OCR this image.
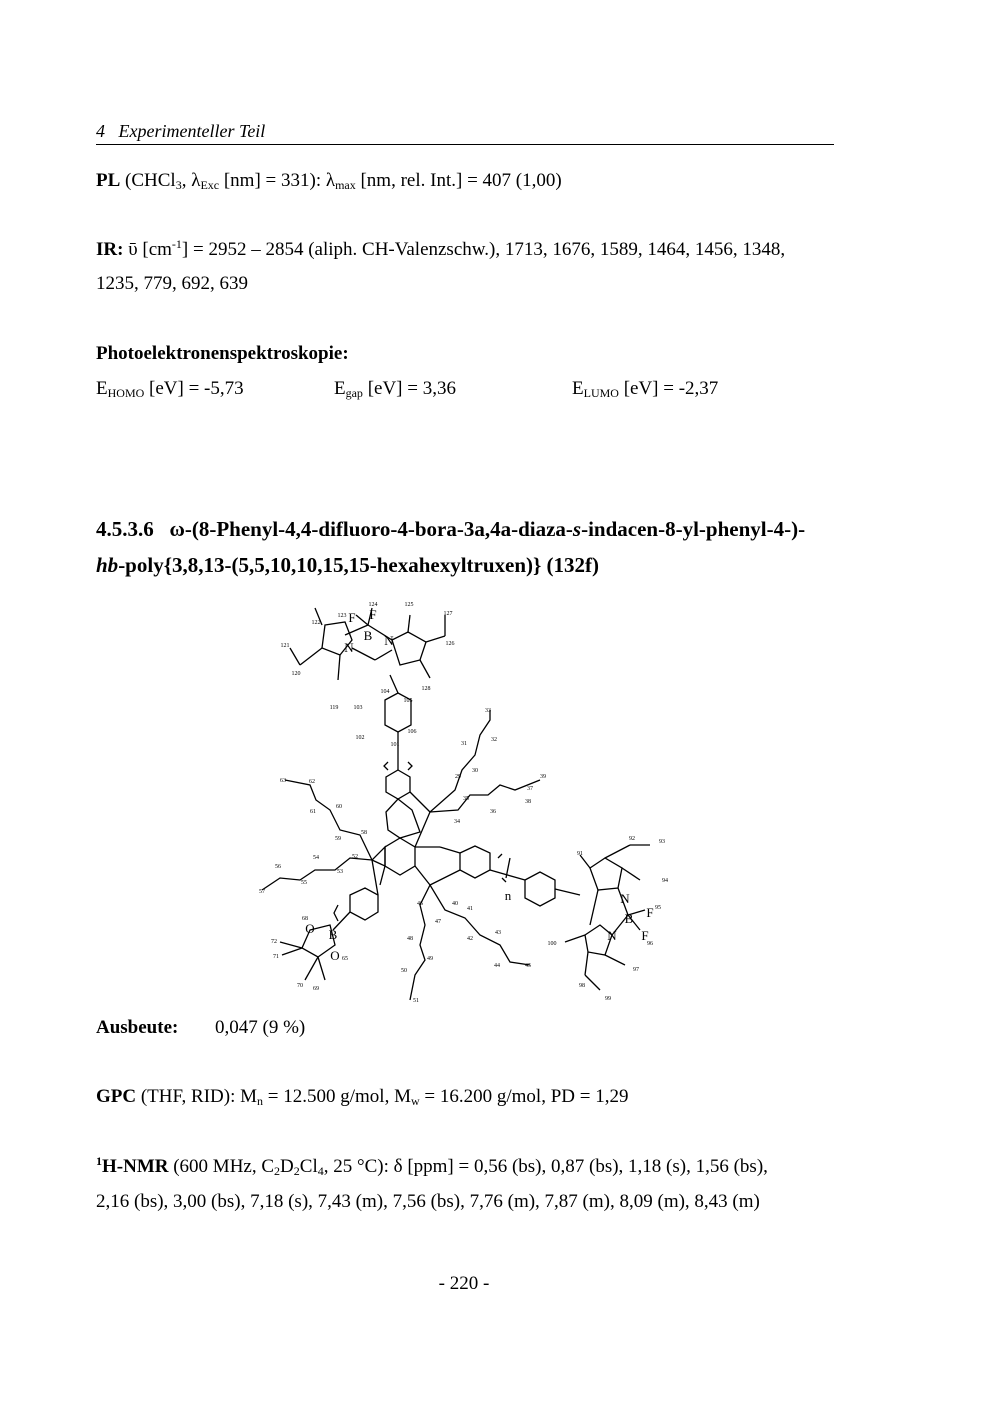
4   Experimenteller Teil
PL (CHCl$_3$, $\lambda_{Exc}$ [nm] = 331): $\lambda_{max}$ [nm, rel. Int.] = 407 (1,00)
IR: ῡ $[cm^{-1}] = 2952 - 2854$ (aliph. CH-Valenzschw.), 1713, 1676, 1589, 1464, 1456, 1348,
1235, 779, 692, 639
Photoelektronenspektroskopie:
$E_{HOMO}$ [eV] = -5,73	$E_{gap}$ [eV] = 3,36	$E_{LUMO}$ [eV] = -2,37
4.5.3.6 ω-(8-Phenyl-4,4-difluoro-4-bora-3a,4a-diaza-s-indacen-8-yl-phenyl-4-)-
hb-poly{3,8,13-(5,5,10,10,15,15-hexahexyltruxen)} (132f)
B
N N
F F
N
B
N
F
F
B
O
O
n
123
124	125
127
122
121
120
119
128
126
103
105
102
106
104
101
33
32
31
30
29	39
37
38
35
36
34
63	62
60
61
59
58
56
57
55
54
53
52
68
72
71
70 69
65
100
98
99
97
91
92	93
94
95
96
50
51
49
48
47
46	40
41
42
43
44	45
Ausbeute: 0,047 (9 %)
GPC (THF, RID): $M_n = 12.500$ g/mol, $M_w = 16.200$ g/mol, PD = 1,29
$^1$H-NMR (600 MHz, $C_2D_2Cl_4$, 25 °C): δ [ppm] = 0,56 (bs), 0,87 (bs), 1,18 (s), 1,56 (bs),
2,16 (bs), 3,00 (bs), 7,18 (s), 7,43 (m), 7,56 (bs), 7,76 (m), 7,87 (m), 8,09 (m), 8,43 (m)
- 220 -
